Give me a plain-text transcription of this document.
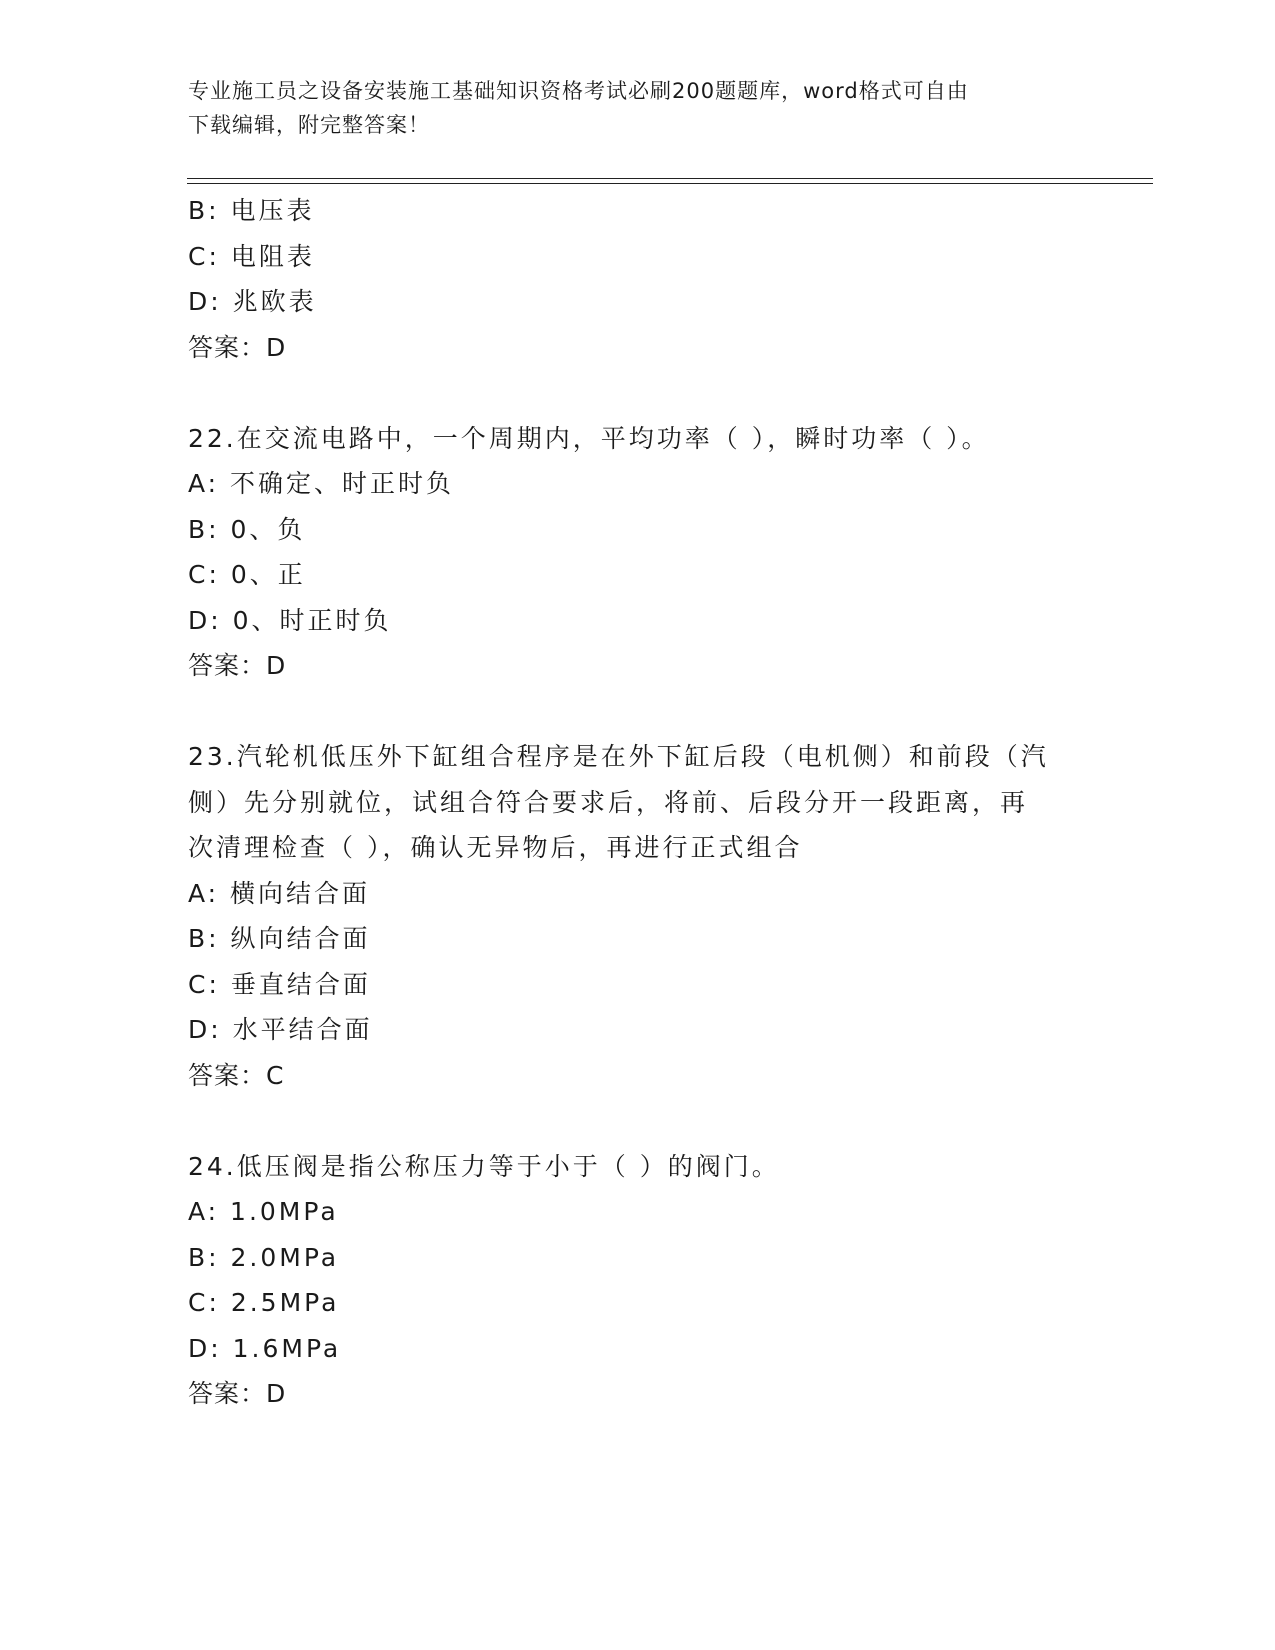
专业施工员之设备安装施工基础知识资格考试必刷200题题库，word格式可自由
下载编辑，附完整答案！
B: 电压表
C: 电阻表
D: 兆欧表
答案：D
22.在交流电路中，一个周期内，平均功率（ ），瞬时功率（ ）。
A: 不确定、时正时负
B: 0、负
C: 0、正
D: 0、时正时负
答案：D
23.汽轮机低压外下缸组合程序是在外下缸后段（电机侧）和前段（汽
侧）先分别就位，试组合符合要求后，将前、后段分开一段距离，再
次清理检查（ ），确认无异物后，再进行正式组合
A: 横向结合面
B: 纵向结合面
C: 垂直结合面
D: 水平结合面
答案：C
24.低压阀是指公称压力等于小于（ ）的阀门。
A: 1.0MPa
B: 2.0MPa
C: 2.5MPa
D: 1.6MPa
答案：D
